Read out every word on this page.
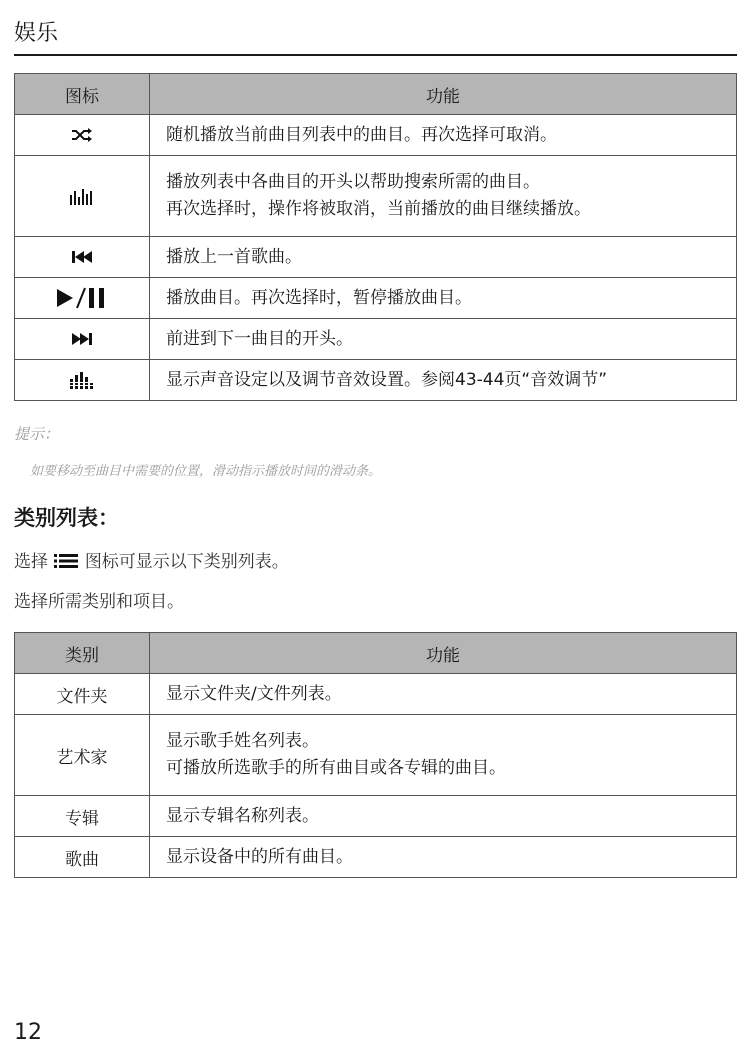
娱乐
图标	功能

随机播放当前曲目列表中的曲目。再次选择可取消。

播放列表中各曲目的开头以帮助搜索所需的曲目。
再次选择时，操作将被取消，当前播放的曲目继续播放。

播放上一首歌曲。

播放曲目。再次选择时，暂停播放曲目。

前进到下一曲目的开头。

显示声音设定以及调节音效设置。参阅43-44页“音效调节”
提示：
如要移动至曲目中需要的位置，滑动指示播放时间的滑动条。
类别列表：
选择 图标可显示以下类别列表。
选择所需类别和项目。
类别	功能
文件夹	显示文件夹/文件列表。

艺术家	显示歌手姓名列表。
可播放所选歌手的所有曲目或各专辑的曲目。

专辑	显示专辑名称列表。

歌曲	显示设备中的所有曲目。
12
